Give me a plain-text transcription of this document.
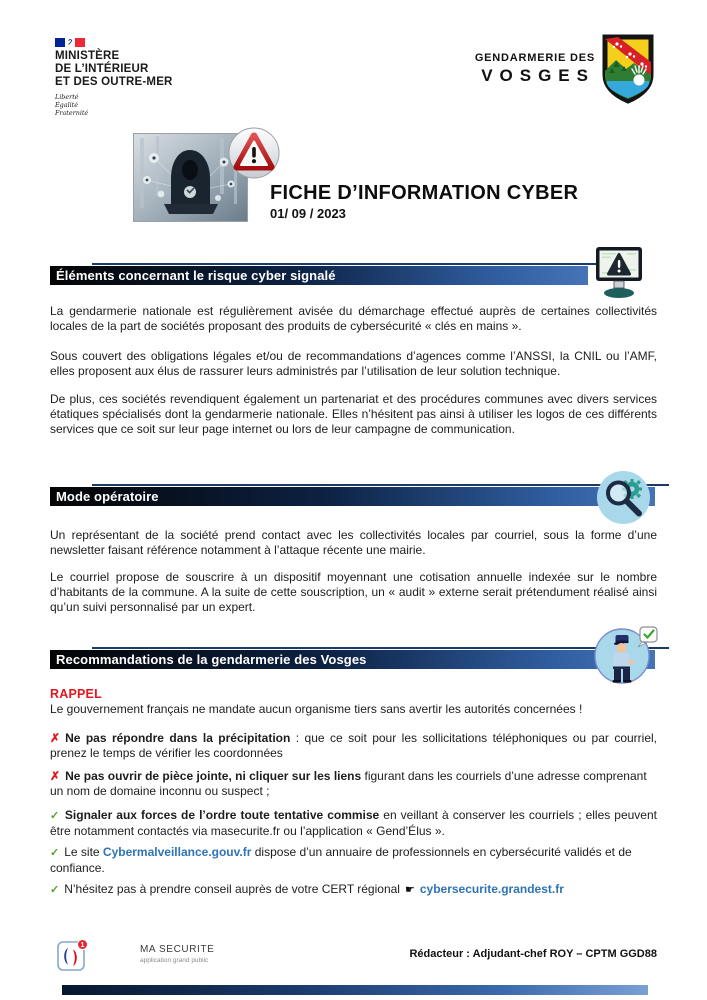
MINISTÈRE
DE L’INTÉRIEUR
ET DES OUTRE-MER
Liberté
Égalité
Fraternité
GENDARMERIE DES
VOSGES
FICHE D’INFORMATION CYBER
01/ 09 / 2023
Éléments concernant le risque cyber signalé
La gendarmerie nationale est régulièrement avisée du démarchage effectué auprès de certaines collectivités locales de la part de sociétés proposant des produits de cybersécurité « clés en mains ».
Sous couvert des obligations légales et/ou de recommandations d’agences comme l’ANSSI, la CNIL ou l’AMF, elles proposent aux élus de rassurer leurs administrés par l’utilisation de leur solution technique.
De plus, ces sociétés revendiquent également un partenariat et des procédures communes avec divers services étatiques spécialisés dont la gendarmerie nationale. Elles n’hésitent pas ainsi à utiliser les logos de ces différents services que ce soit sur leur page internet ou lors de leur campagne de communication.
Mode opératoire
Un représentant de la société prend contact avec les collectivités locales par courriel, sous la forme d’une newsletter faisant référence notamment à l’attaque récente une mairie.
Le courriel propose de souscrire à un dispositif moyennant une cotisation annuelle indexée sur le nombre d’habitants de la commune. A la suite de cette souscription, un « audit » externe serait prétendument réalisé ainsi qu’un suivi personnalisé par un expert.
Recommandations de la gendarmerie des Vosges
RAPPEL
Le gouvernement français ne mandate aucun organisme tiers sans avertir les autorités concernées !
✗ Ne pas répondre dans la précipitation : que ce soit pour les sollicitations téléphoniques ou par courriel, prenez le temps de vérifier les coordonnées
✗ Ne pas ouvrir de pièce jointe, ni cliquer sur les liens figurant dans les courriels d’une adresse comprenant un nom de domaine inconnu ou suspect ;
✓ Signaler aux forces de l’ordre toute tentative commise en veillant à conserver les courriels ; elles peuvent être notamment contactés via masecurite.fr ou l’application « Gend’Élus ».
✓ Le site Cybermalveillance.gouv.fr dispose d’un annuaire de professionnels en cybersécurité validés et de confiance.
✓ N’hésitez pas à prendre conseil auprès de votre CERT régional ☛ cybersecurite.grandest.fr
1	MA SECURITE
application grand public
Rédacteur : Adjudant-chef ROY – CPTM GGD88
